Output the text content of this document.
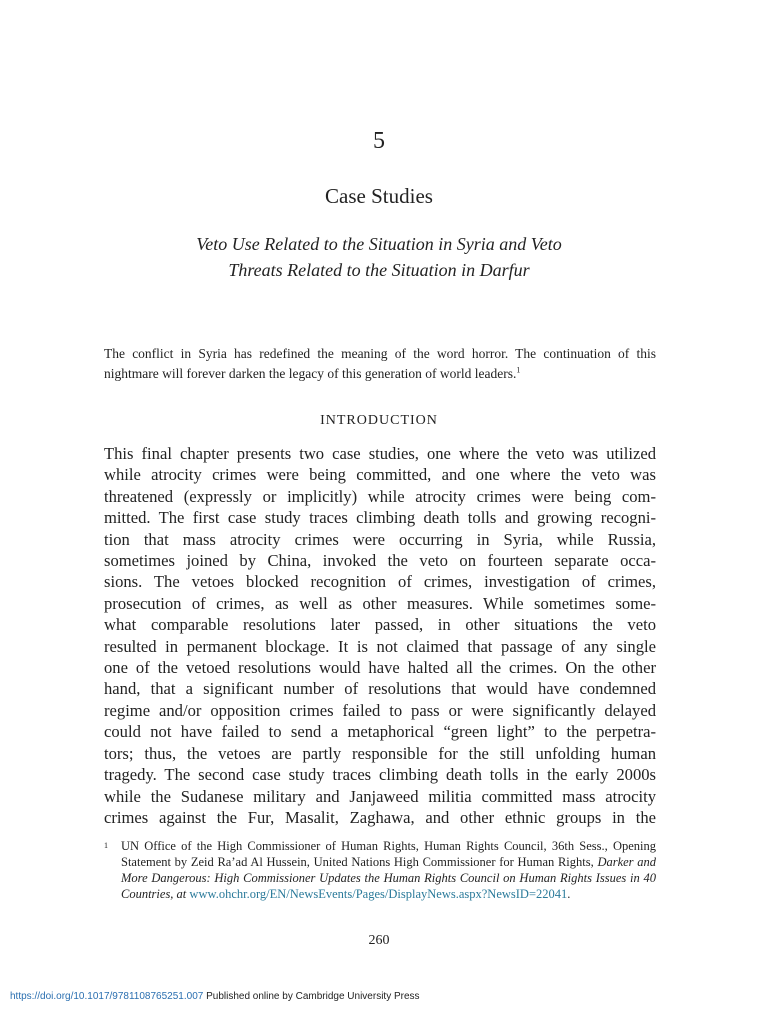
5
Case Studies
Veto Use Related to the Situation in Syria and Veto
Threats Related to the Situation in Darfur
The conflict in Syria has redefined the meaning of the word horror. The continuation of this nightmare will forever darken the legacy of this generation of world leaders.$^1$
INTRODUCTION
This final chapter presents two case studies, one where the veto was utilized
while atrocity crimes were being committed, and one where the veto was
threatened (expressly or implicitly) while atrocity crimes were being com-
mitted. The first case study traces climbing death tolls and growing recogni-
tion that mass atrocity crimes were occurring in Syria, while Russia,
sometimes joined by China, invoked the veto on fourteen separate occa-
sions. The vetoes blocked recognition of crimes, investigation of crimes,
prosecution of crimes, as well as other measures. While sometimes some-
what comparable resolutions later passed, in other situations the veto
resulted in permanent blockage. It is not claimed that passage of any single
one of the vetoed resolutions would have halted all the crimes. On the other
hand, that a significant number of resolutions that would have condemned
regime and/or opposition crimes failed to pass or were significantly delayed
could not have failed to send a metaphorical “green light” to the perpetra-
tors; thus, the vetoes are partly responsible for the still unfolding human
tragedy. The second case study traces climbing death tolls in the early 2000s
while the Sudanese military and Janjaweed militia committed mass atrocity
crimes against the Fur, Masalit, Zaghawa, and other ethnic groups in the
1	UN Office of the High Commissioner of Human Rights, Human Rights Council, 36th Sess., Opening Statement by Zeid Ra’ad Al Hussein, United Nations High Commissioner for Human Rights, Darker and More Dangerous: High Commissioner Updates the Human Rights Council on Human Rights Issues in 40 Countries, at www.ohchr.org/EN/NewsEvents/Pages/DisplayNews.aspx?NewsID=22041.
260
https://doi.org/10.1017/9781108765251.007 Published online by Cambridge University Press
